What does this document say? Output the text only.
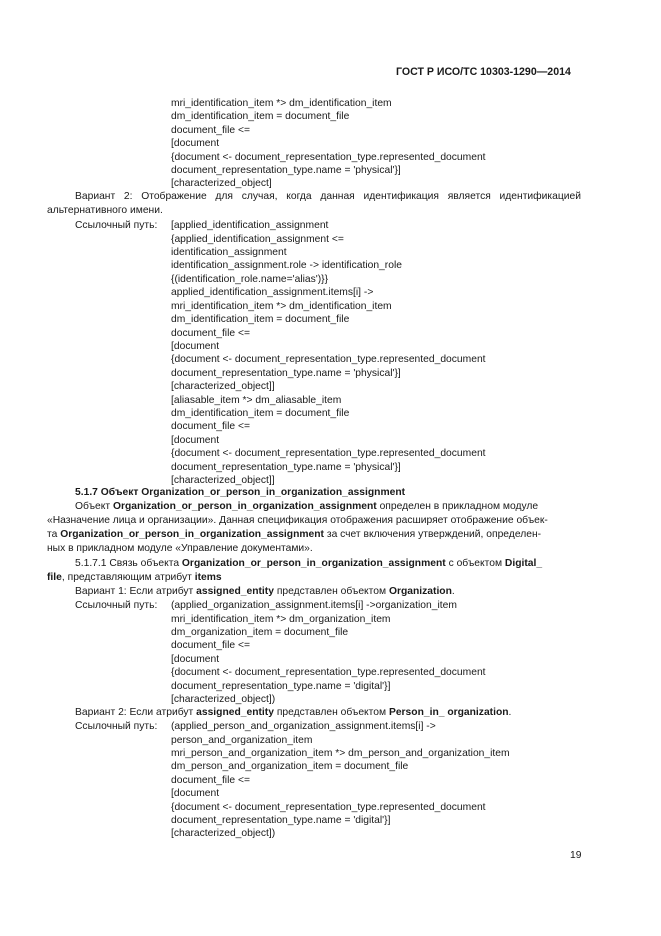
ГОСТ Р ИСО/ТС 10303-1290—2014
mri_identification_item *> dm_identification_item
dm_identification_item = document_file
document_file <=
[document
{document <- document_representation_type.represented_document
document_representation_type.name = 'physical'}]
[characterized_object]
Вариант 2: Отображение для случая, когда данная идентификация является идентификацией
альтернативного имени.
Ссылочный путь: [applied_identification_assignment
{applied_identification_assignment <=
identification_assignment
identification_assignment.role -> identification_role
{(identification_role.name='alias')}}
applied_identification_assignment.items[i] ->
mri_identification_item *> dm_identification_item
dm_identification_item = document_file
document_file <=
[document
{document <- document_representation_type.represented_document
document_representation_type.name = 'physical'}]
[characterized_object]]
[aliasable_item *> dm_aliasable_item
dm_identification_item = document_file
document_file <=
[document
{document <- document_representation_type.represented_document
document_representation_type.name = 'physical'}]
[characterized_object]]
5.1.7 Объект Organization_or_person_in_organization_assignment
Объект Organization_or_person_in_organization_assignment определен в прикладном модуле
«Назначение лица и организации». Данная спецификация отображения расширяет отображение объек-
та Organization_or_person_in_organization_assignment за счет включения утверждений, определен-
ных в прикладном модуле «Управление документами».
5.1.7.1 Связь объекта Organization_or_person_in_organization_assignment с объектом Digital_
file, представляющим атрибут items
Вариант 1: Если атрибут assigned_entity представлен объектом Organization.
Ссылочный путь: (applied_organization_assignment.items[i] ->organization_item
mri_identification_item *> dm_organization_item
dm_organization_item = document_file
document_file <=
[document
{document <- document_representation_type.represented_document
document_representation_type.name = 'digital'}]
[characterized_object])
Вариант 2: Если атрибут assigned_entity представлен объектом Person_in_ organization.
Ссылочный путь: (applied_person_and_organization_assignment.items[i] ->
person_and_organization_item
mri_person_and_organization_item *> dm_person_and_organization_item
dm_person_and_organization_item = document_file
document_file <=
[document
{document <- document_representation_type.represented_document
document_representation_type.name = 'digital'}]
[characterized_object])
19
